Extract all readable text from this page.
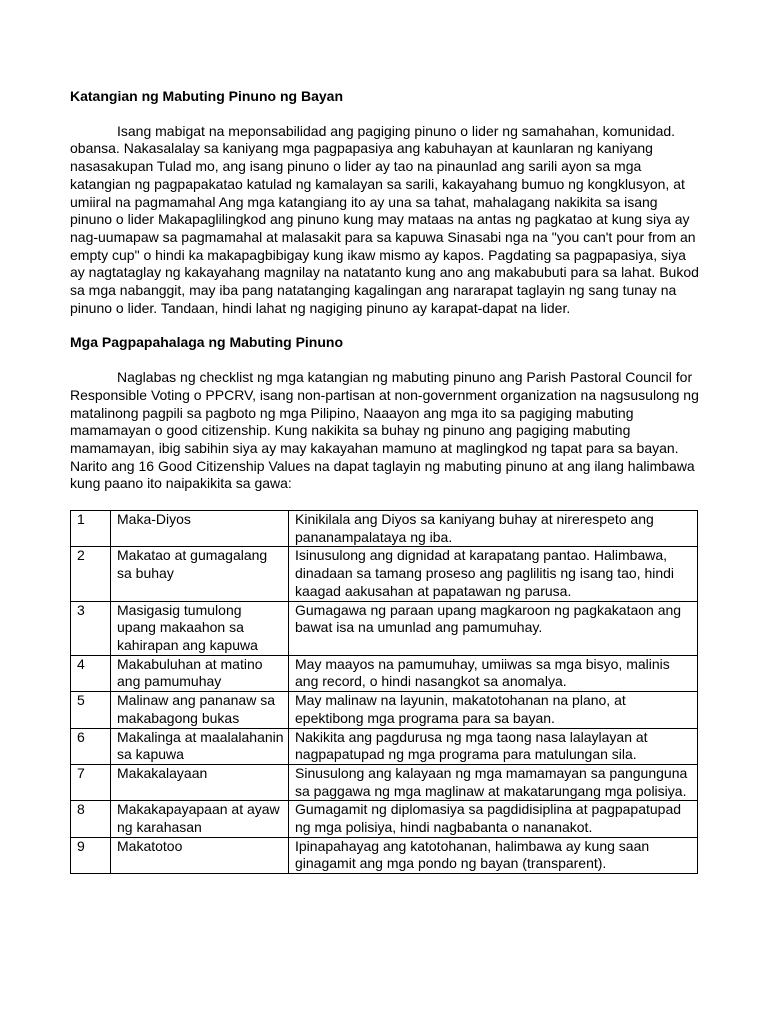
Katangian ng Mabuting Pinuno ng Bayan

Isang mabigat na meponsabilidad ang pagiging pinuno o lider ng samahahan, komunidad. obansa. Nakasalalay sa kaniyang mga pagpapasiya ang kabuhayan at kaunlaran ng kaniyang nasasakupan Tulad mo, ang isang pinuno o lider ay tao na pinaunlad ang sarili ayon sa mga katangian ng pagpapakatao katulad ng kamalayan sa sarili, kakayahang bumuo ng kongklusyon, at umiiral na pagmamahal Ang mga katangiang ito ay una sa tahat, mahalagang nakikita sa isang pinuno o lider Makapaglilingkod ang pinuno kung may mataas na antas ng pagkatao at kung siya ay nag-uumapaw sa pagmamahal at malasakit para sa kapuwa Sinasabi nga na "you can't pour from an empty cup" o hindi ka makapagbibigay kung ikaw mismo ay kapos. Pagdating sa pagpapasiya, siya ay nagtataglay ng kakayahang magnilay na natatanto kung ano ang makabubuti para sa lahat. Bukod sa mga nabanggit, may iba pang natatanging kagalingan ang nararapat taglayin ng sang tunay na pinuno o lider. Tandaan, hindi lahat ng nagiging pinuno ay karapat-dapat na lider.

Mga Pagpapahalaga ng Mabuting Pinuno

Naglabas ng checklist ng mga katangian ng mabuting pinuno ang Parish Pastoral Council for Responsible Voting o PPCRV, isang non-partisan at non-government organization na nagsusulong ng matalinong pagpili sa pagboto ng mga Pilipino, Naaayon ang mga ito sa pagiging mabuting mamamayan o good citizenship. Kung nakikita sa buhay ng pinuno ang pagiging mabuting mamamayan, ibig sabihin siya ay may kakayahan mamuno at maglingkod ng tapat para sa bayan. Narito ang 16 Good Citizenship Values na dapat taglayin ng mabuting pinuno at ang ilang halimbawa kung paano ito naipakikita sa gawa:

1	Maka-Diyos	Kinikilala ang Diyos sa kaniyang buhay at nirerespeto ang pananampalataya ng iba.
2	Makatao at gumagalang sa buhay	Isinusulong ang dignidad at karapatang pantao. Halimbawa, dinadaan sa tamang proseso ang paglilitis ng isang tao, hindi kaagad aakusahan at papatawan ng parusa.
3	Masigasig tumulong upang makaahon sa kahirapan ang kapuwa	Gumagawa ng paraan upang magkaroon ng pagkakataon ang bawat isa na umunlad ang pamumuhay.
4	Makabuluhan at matino ang pamumuhay	May maayos na pamumuhay, umiiwas sa mga bisyo, malinis ang record, o hindi nasangkot sa anomalya.
5	Malinaw ang pananaw sa makabagong bukas	May malinaw na layunin, makatotohanan na plano, at epektibong mga programa para sa bayan.
6	Makalinga at maalalahanin sa kapuwa	Nakikita ang pagdurusa ng mga taong nasa lalaylayan at nagpapatupad ng mga programa para matulungan sila.
7	Makakalayaan	Sinusulong ang kalayaan ng mga mamamayan sa pangunguna sa paggawa ng mga maglinaw at makatarungang mga polisiya.
8	Makakapayapaan at ayaw ng karahasan	Gumagamit ng diplomasiya sa pagdidisiplina at pagpapatupad ng mga polisiya, hindi nagbabanta o nananakot.
9	Makatotoo	Ipinapahayag ang katotohanan, halimbawa ay kung saan ginagamit ang mga pondo ng bayan (transparent).
